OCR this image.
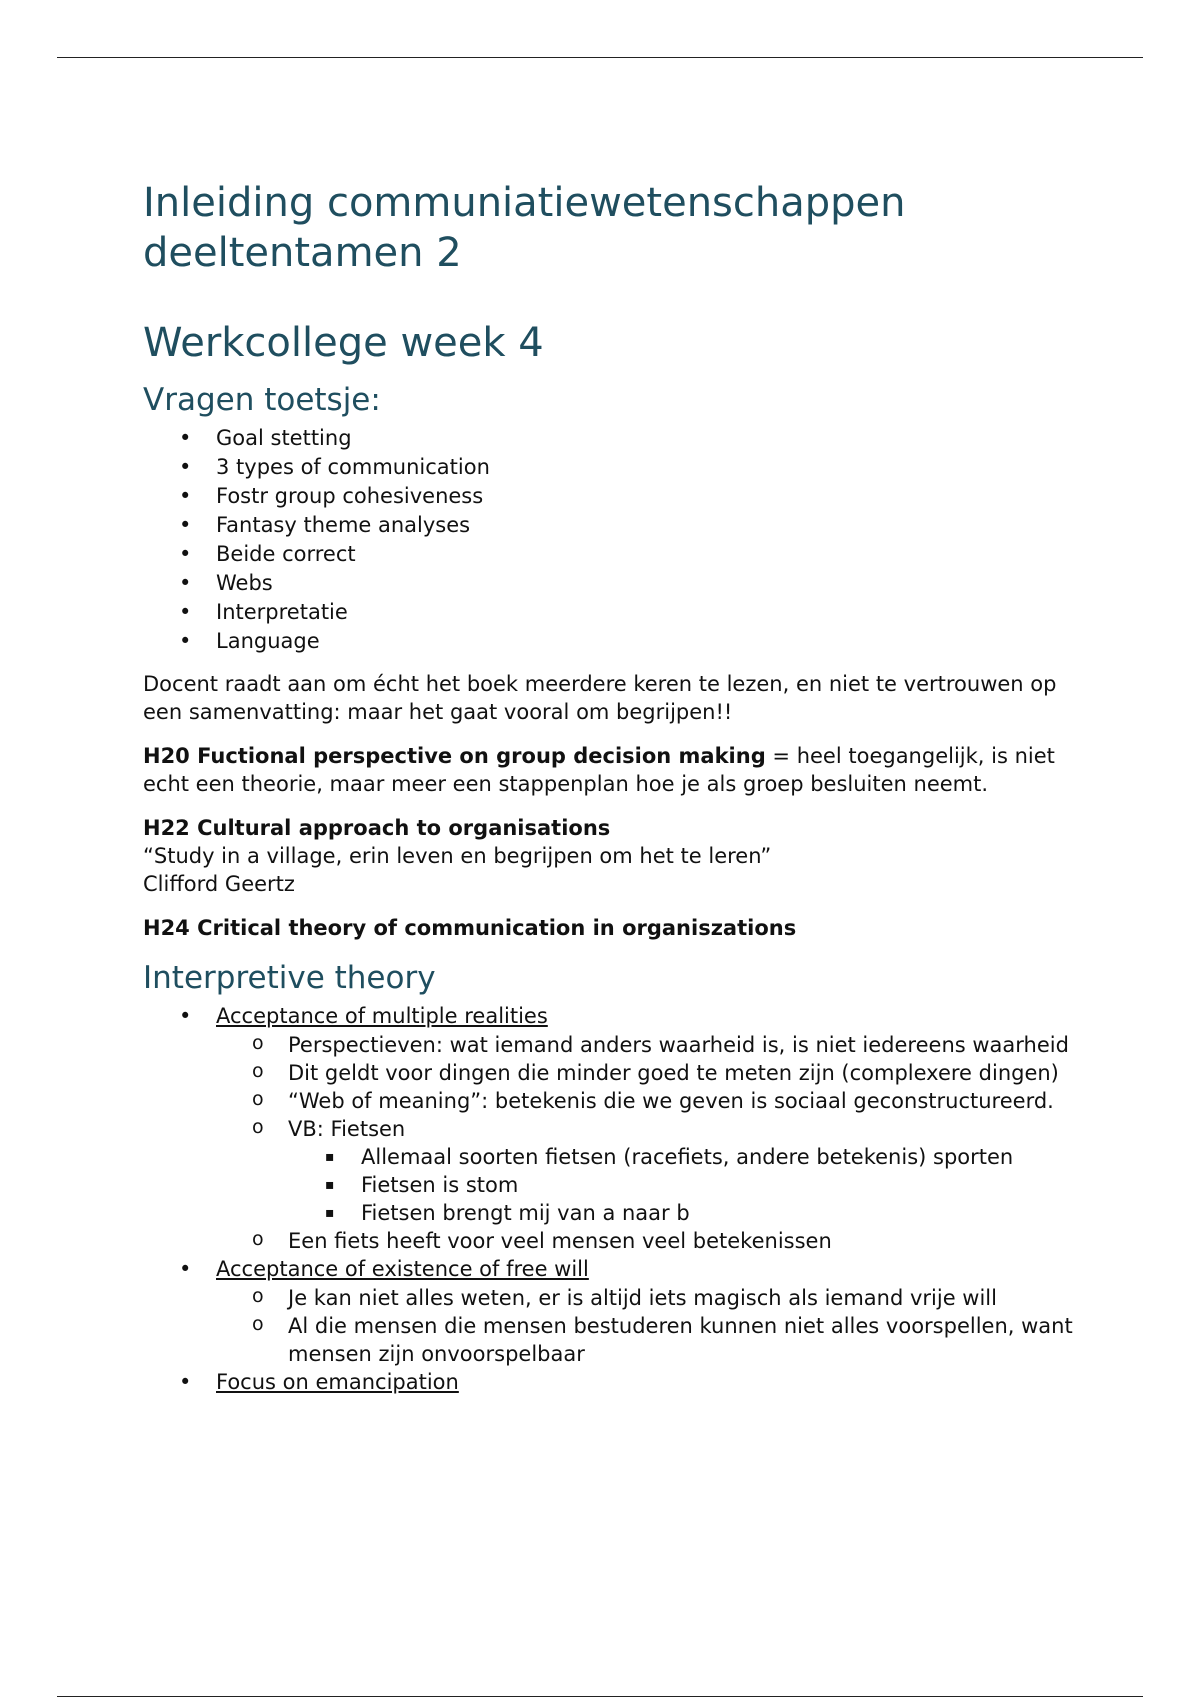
Inleiding communiatiewetenschappen
deeltentamen 2
Werkcollege week 4
Vragen toetsje:
• Goal stetting
• 3 types of communication
• Fostr group cohesiveness
• Fantasy theme analyses
• Beide correct
• Webs
• Interpretatie
• Language

Docent raadt aan om écht het boek meerdere keren te lezen, en niet te vertrouwen op een samenvatting: maar het gaat vooral om begrijpen!!

H20 Fuctional perspective on group decision making = heel toegangelijk, is niet echt een theorie, maar meer een stappenplan hoe je als groep besluiten neemt.

H22 Cultural approach to organisations
“Study in a village, erin leven en begrijpen om het te leren”
Clifford Geertz

H24 Critical theory of communication in organiszations

Interpretive theory
• Acceptance of multiple realities
o Perspectieven: wat iemand anders waarheid is, is niet iedereens waarheid
o Dit geldt voor dingen die minder goed te meten zijn (complexere dingen)
o “Web of meaning”: betekenis die we geven is sociaal geconstructureerd.
o VB: Fietsen
▪ Allemaal soorten fietsen (racefiets, andere betekenis) sporten
▪ Fietsen is stom
▪ Fietsen brengt mij van a naar b
o Een fiets heeft voor veel mensen veel betekenissen
• Acceptance of existence of free will
o Je kan niet alles weten, er is altijd iets magisch als iemand vrije will
o Al die mensen die mensen bestuderen kunnen niet alles voorspellen, want mensen zijn onvoorspelbaar
• Focus on emancipation
